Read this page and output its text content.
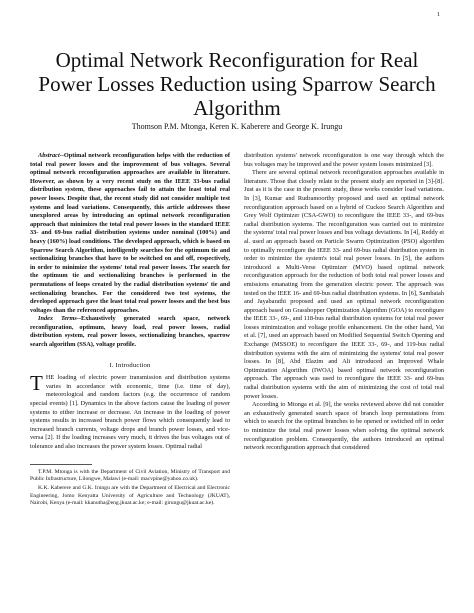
1
Optimal Network Reconfiguration for Real Power Losses Reduction using Sparrow Search Algorithm
Thomson P.M. Mtonga, Keren K. Kaberere and George K. Irungu

Abstract--Optimal network reconfiguration helps with the reduction of total real power losses and the improvement of bus voltages. Several optimal network reconfiguration approaches are available in literature. However, as shown by a very recent study on the IEEE 33-bus radial distribution system, these approaches fail to attain the least total real power losses. Despite that, the recent study did not consider multiple test systems and load variations. Consequently, this article addresses those unexplored areas by introducing an optimal network reconfiguration approach that minimizes the total real power losses in the standard IEEE 33- and 69-bus radial distribution systems under nominal (100%) and heavy (160%) load conditions. The developed approach, which is based on Sparrow Search Algorithm, intelligently searches for the optimum tie and sectionalizing branches that have to be switched on and off, respectively, in order to minimize the systems' total real power losses. The search for the optimum tie and sectionalizing branches is performed in the permutations of loops created by the radial distribution systems' tie and sectionalizing branches. For the considered two test systems, the developed approach gave the least total real power losses and the best bus voltages than the referenced approaches.

Index Terms--Exhaustively generated search space, network reconfiguration, optimum, heavy load, real power losses, radial distribution system, real power losses, sectionalizing branches, sparrow search algorithm (SSA), voltage profile.

I. Introduction

THE loading of electric power transmission and distribution systems varies in accordance with economic, time (i.e. time of day), meteorological and random factors (e.g. the occurrence of random special events) [1]. Dynamics in the above factors cause the loading of power systems to either increase or decrease. An increase in the loading of power systems results in increased branch power flows which consequently lead to increased branch currents, voltage drops and branch power losses, and vice-versa [2]. If the loading increases very much, it drives the bus voltages out of tolerance and also increases the power system losses. Optimal radial

T.P.M. Mtonga is with the Department of Civil Aviation, Ministry of Transport and Public Infrastructure, Lilongwe, Malawi (e-mail: macvpine@yahoo.co.uk).

K.K. Kaberere and G.K. Irungu are with the Department of Electrical and Electronic Engineering, Jomo Kenyatta University of Agriculture and Technology (JKUAT), Nairobi, Kenya (e-mail: kkanutha@eng.jkuat.ac.ke; e-mail: girungu@jkuat.ac.ke).

distribution systems' network reconfiguration is one way through which the bus voltages may be improved and the power system losses minimized [3].

There are several optimal network reconfiguration approaches available in literature. Those that closely relate to the present study are reported in [3]-[8]. Just as it is the case in the present study, these works consider load variations. In [3], Kumar and Rudramoorthy proposed and used an optimal network reconfiguration approach based on a hybrid of Cuckoo Search Algorithm and Grey Wolf Optimizer (CSA-GWO) to reconfigure the IEEE 33-, and 69-bus radial distribution systems. The reconfiguration was carried out to minimize the systems' total real power losses and bus voltage deviations. In [4], Reddy et al. used an approach based on Particle Swarm Optimization (PSO) algorithm to optimally reconfigure the IEEE 33- and 69-bus radial distribution system in order to minimize the system's total real power losses. In [5], the authors introduced a Multi-Verse Optimizer (MVO) based optimal network reconfiguration approach for the reduction of both total real power losses and emissions emanating from the generation electric power. The approach was tested on the IEEE 16- and 69-bus radial distribution systems. In [6], Sambaiah and Jayabarathi proposed and used an optimal network reconfiguration approach based on Grasshopper Optimization Algorithm (GOA) to reconfigure the IEEE 33-, 69-, and 118-bus radial distribution systems for total real power losses minimization and voltage profile enhancement. On the other hand, Vai et al. [7], used an approach based on Modified Sequential Switch Opening and Exchange (MSSOE) to reconfigure the IEEE 33-, 69-, and 119-bus radial distribution systems with the aim of minimizing the systems' total real power losses. In [8], Abd Elazim and Ali introduced an Improved Whale Optimization Algorithm (IWOA) based optimal network reconfiguration approach. The approach was used to reconfigure the IEEE 33- and 69-bus radial distribution systems with the aim of minimizing the cost of total real power losses.

According to Mtonga et al. [9], the works reviewed above did not consider an exhaustively generated search space of branch loop permutations from which to search for the optimal branches to be opened or switched off in order to minimize the total real power losses when solving the optimal network reconfiguration problem. Consequently, the authors introduced an optimal network reconfiguration approach that considered
